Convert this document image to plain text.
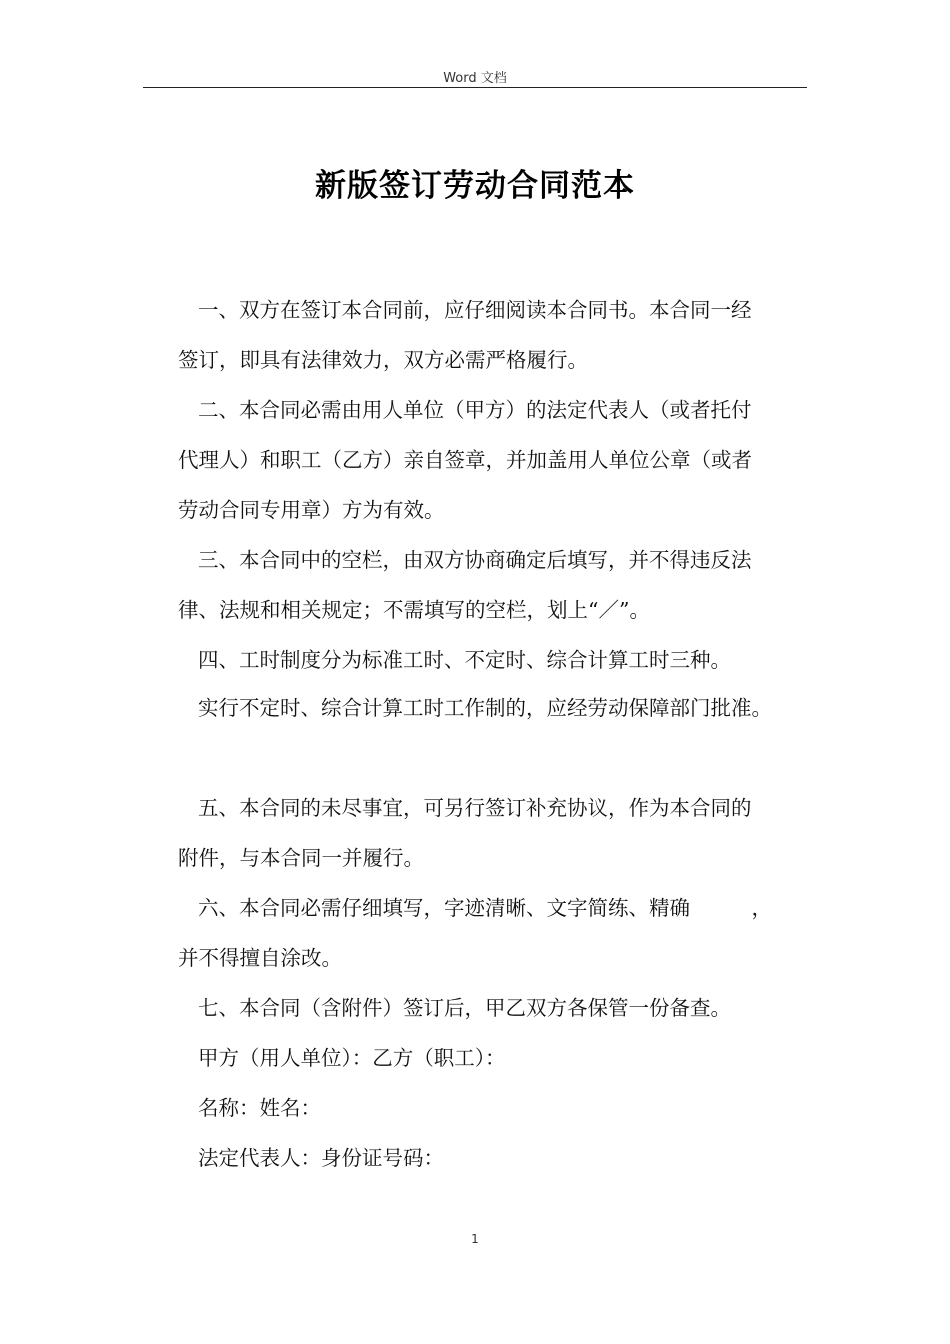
Word 文档
新版签订劳动合同范本
一、双方在签订本合同前，应仔细阅读本合同书。本合同一经
签订，即具有法律效力，双方必需严格履行。
二、本合同必需由用人单位（甲方）的法定代表人（或者托付
代理人）和职工（乙方）亲自签章，并加盖用人单位公章（或者
劳动合同专用章）方为有效。
三、本合同中的空栏，由双方协商确定后填写，并不得违反法
律、法规和相关规定；不需填写的空栏，划上“／”。
四、工时制度分为标准工时、不定时、综合计算工时三种。
实行不定时、综合计算工时工作制的，应经劳动保障部门批准。
五、本合同的未尽事宜，可另行签订补充协议，作为本合同的
附件，与本合同一并履行。
六、本合同必需仔细填写，字迹清晰、文字简练、精确　　　，
并不得擅自涂改。
七、本合同（含附件）签订后，甲乙双方各保管一份备查。
甲方（用人单位）：乙方（职工）：
名称：姓名：
法定代表人：身份证号码：
1
